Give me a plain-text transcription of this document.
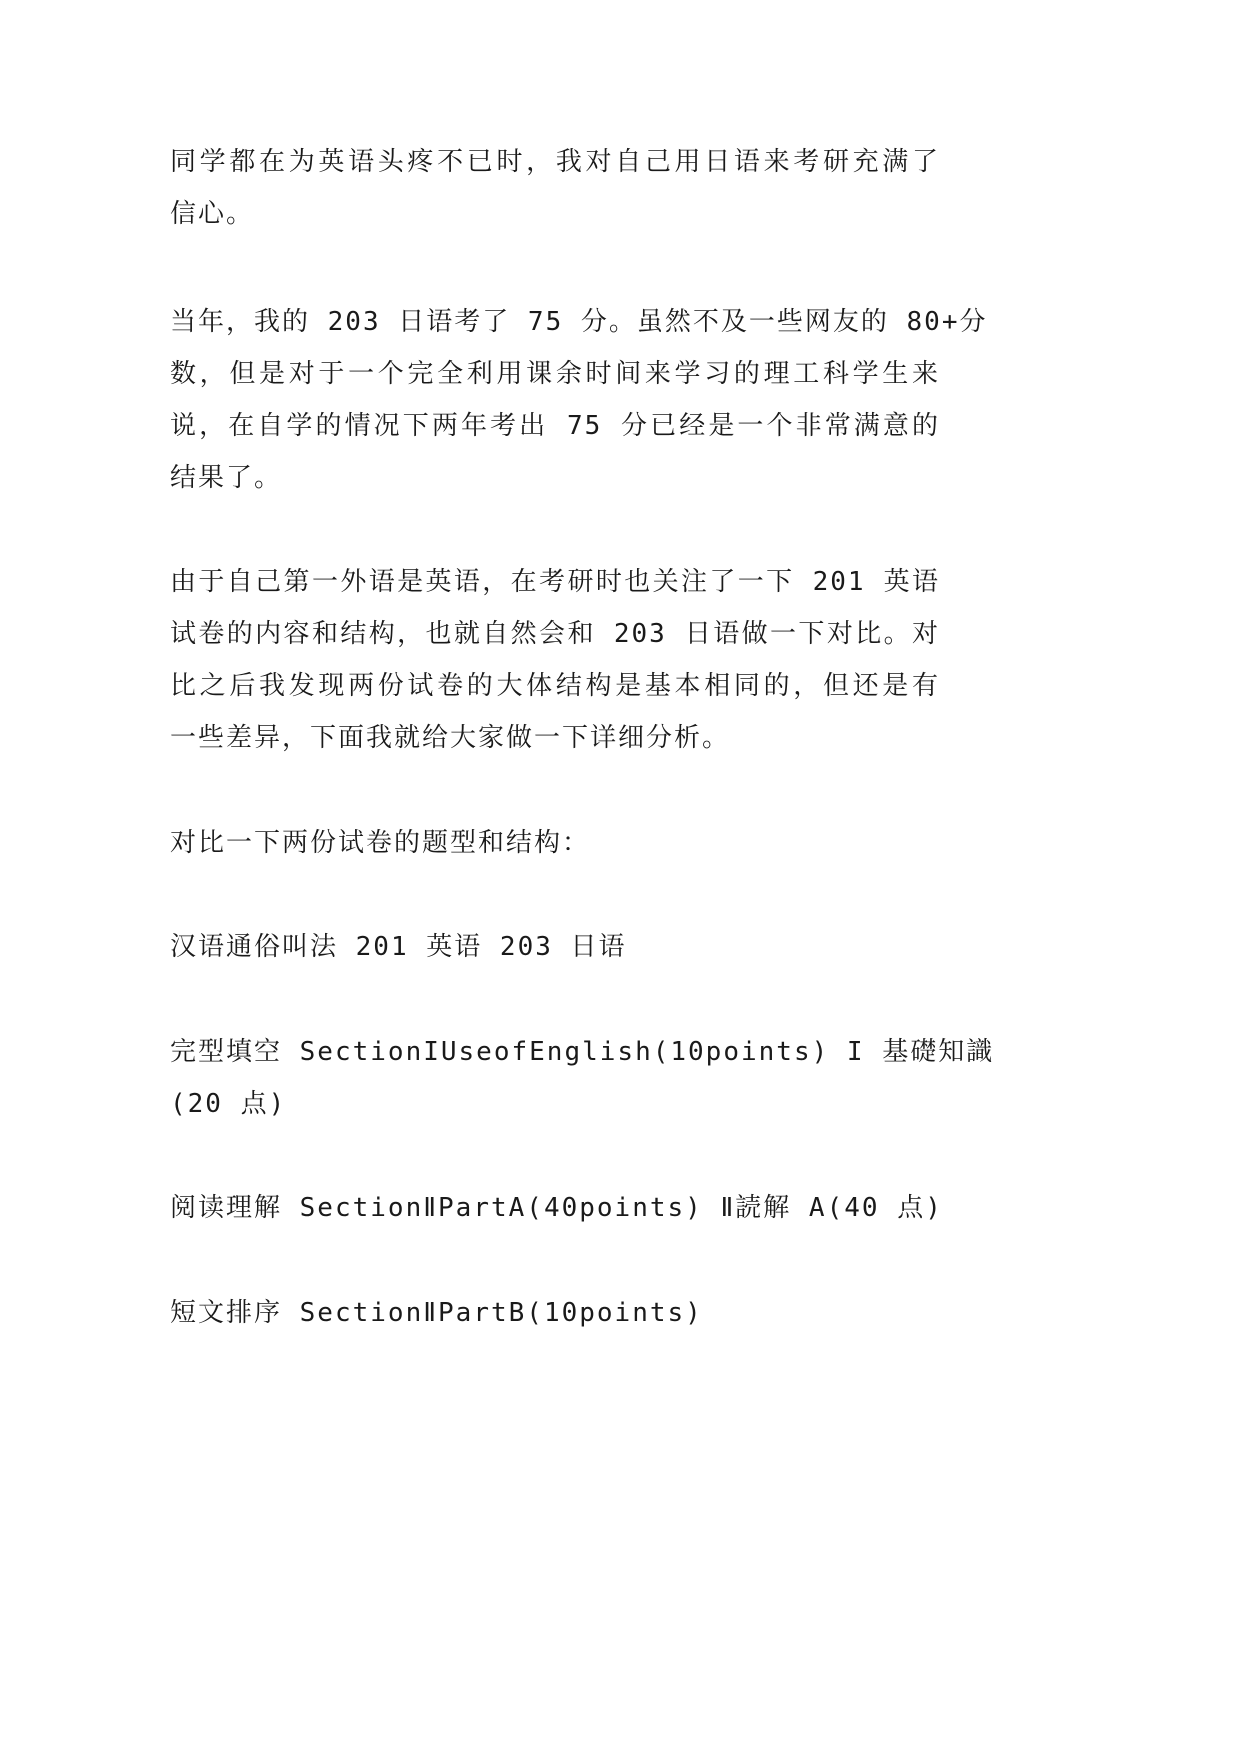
同学都在为英语头疼不已时，我对自己用日语来考研充满了
信心。

当年，我的 203 日语考了 75 分。虽然不及一些网友的 80+分
数，但是对于一个完全利用课余时间来学习的理工科学生来
说，在自学的情况下两年考出 75 分已经是一个非常满意的
结果了。

由于自己第一外语是英语，在考研时也关注了一下 201 英语
试卷的内容和结构，也就自然会和 203 日语做一下对比。对
比之后我发现两份试卷的大体结构是基本相同的，但还是有
一些差异，下面我就给大家做一下详细分析。

对比一下两份试卷的题型和结构：

汉语通俗叫法 201 英语 203 日语

完型填空 SectionIUseofEnglish(10points) I 基礎知識
(20 点)

阅读理解 SectionⅡPartA(40points) Ⅱ読解 A(40 点)

短文排序 SectionⅡPartB(10points)
